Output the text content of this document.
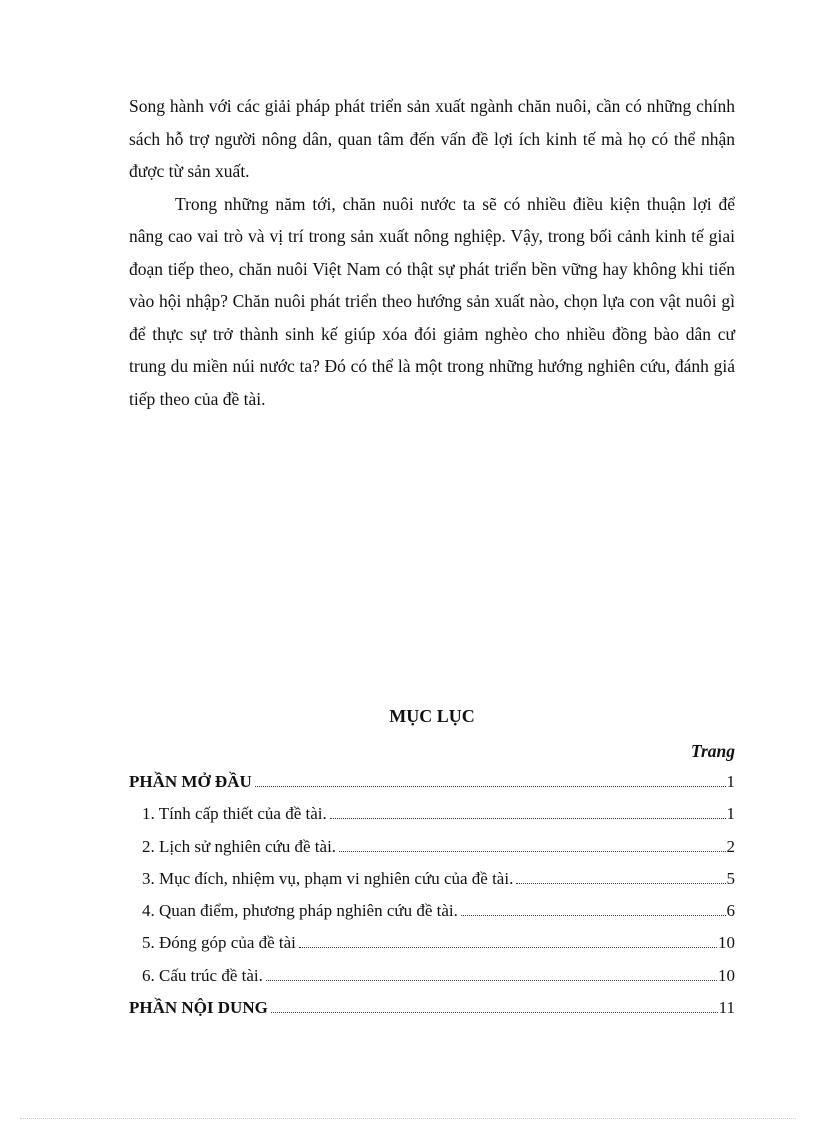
Song hành với các giải pháp phát triển sản xuất ngành chăn nuôi, cần có những chính sách hỗ trợ người nông dân, quan tâm đến vấn đề lợi ích kinh tế mà họ có thể nhận được từ sản xuất.

Trong những năm tới, chăn nuôi nước ta sẽ có nhiều điều kiện thuận lợi để nâng cao vai trò và vị trí trong sản xuất nông nghiệp. Vậy, trong bối cảnh kinh tế giai đoạn tiếp theo, chăn nuôi Việt Nam có thật sự phát triển bền vững hay không khi tiến vào hội nhập? Chăn nuôi phát triển theo hướng sản xuất nào, chọn lựa con vật nuôi gì để thực sự trở thành sinh kế giúp xóa đói giảm nghèo cho nhiều đồng bào dân cư trung du miền núi nước ta? Đó có thể là một trong những hướng nghiên cứu, đánh giá tiếp theo của đề tài.

MỤC LỤC
Trang
PHẦN MỞ ĐẦU	1
1. Tính cấp thiết của đề tài.	1
2. Lịch sử nghiên cứu đề tài.	2
3. Mục đích, nhiệm vụ, phạm vi nghiên cứu của đề tài.	5
4. Quan điểm, phương pháp nghiên cứu đề tài.	6
5. Đóng góp của đề tài	10
6. Cấu trúc đề tài.	10
PHẦN NỘI DUNG	11
